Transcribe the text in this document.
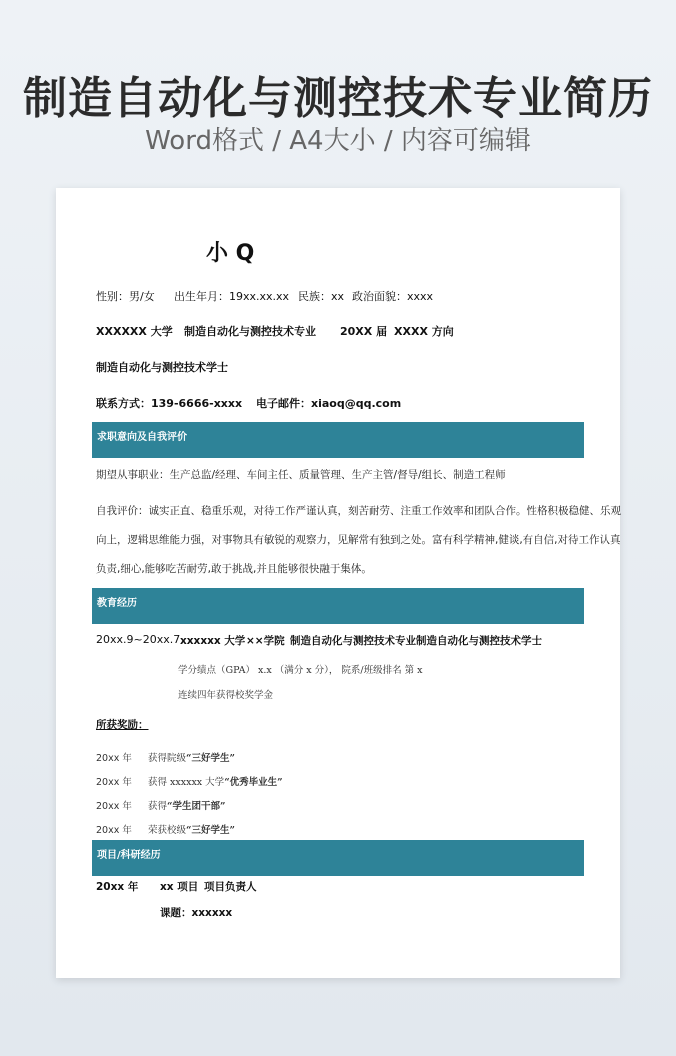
制造自动化与测控技术专业简历
Word格式 / A4大小 / 内容可编辑
小 Q
性别：男/女 出生年月：19xx.xx.xx 民族：xx 政治面貌：xxxx
XXXXXX 大学 制造自动化与测控技术专业 20XX 届 XXXX 方向
制造自动化与测控技术学士
联系方式：139-6666-xxxx 电子邮件：xiaoq@qq.com
求职意向及自我评价
期望从事职业：生产总监/经理、车间主任、质量管理、生产主管/督导/组长、制造工程师
自我评价：诚实正直、稳重乐观，对待工作严谨认真，刻苦耐劳、注重工作效率和团队合作。性格积极稳健、乐观
向上，逻辑思维能力强，对事物具有敏锐的观察力，见解常有独到之处。富有科学精神,健谈,有自信,对待工作认真
负责,细心,能够吃苦耐劳,敢于挑战,并且能够很快融于集体。
教育经历
20xx.9~20xx.7 xxxxxx 大学 ××学院 制造自动化与测控技术专业 制造自动化与测控技术学士
学分绩点（GPA） x.x （满分 x 分）， 院系/班级排名 第 x
连续四年获得校奖学金
所获奖励：
20xx 年 获得院级“三好学生”
20xx 年 获得 xxxxxx 大学“优秀毕业生”
20xx 年 获得“学生团干部”
20xx 年 荣获校级“三好学生”
项目/科研经历
20xx 年 xx 项目 项目负责人
课题：xxxxxx
